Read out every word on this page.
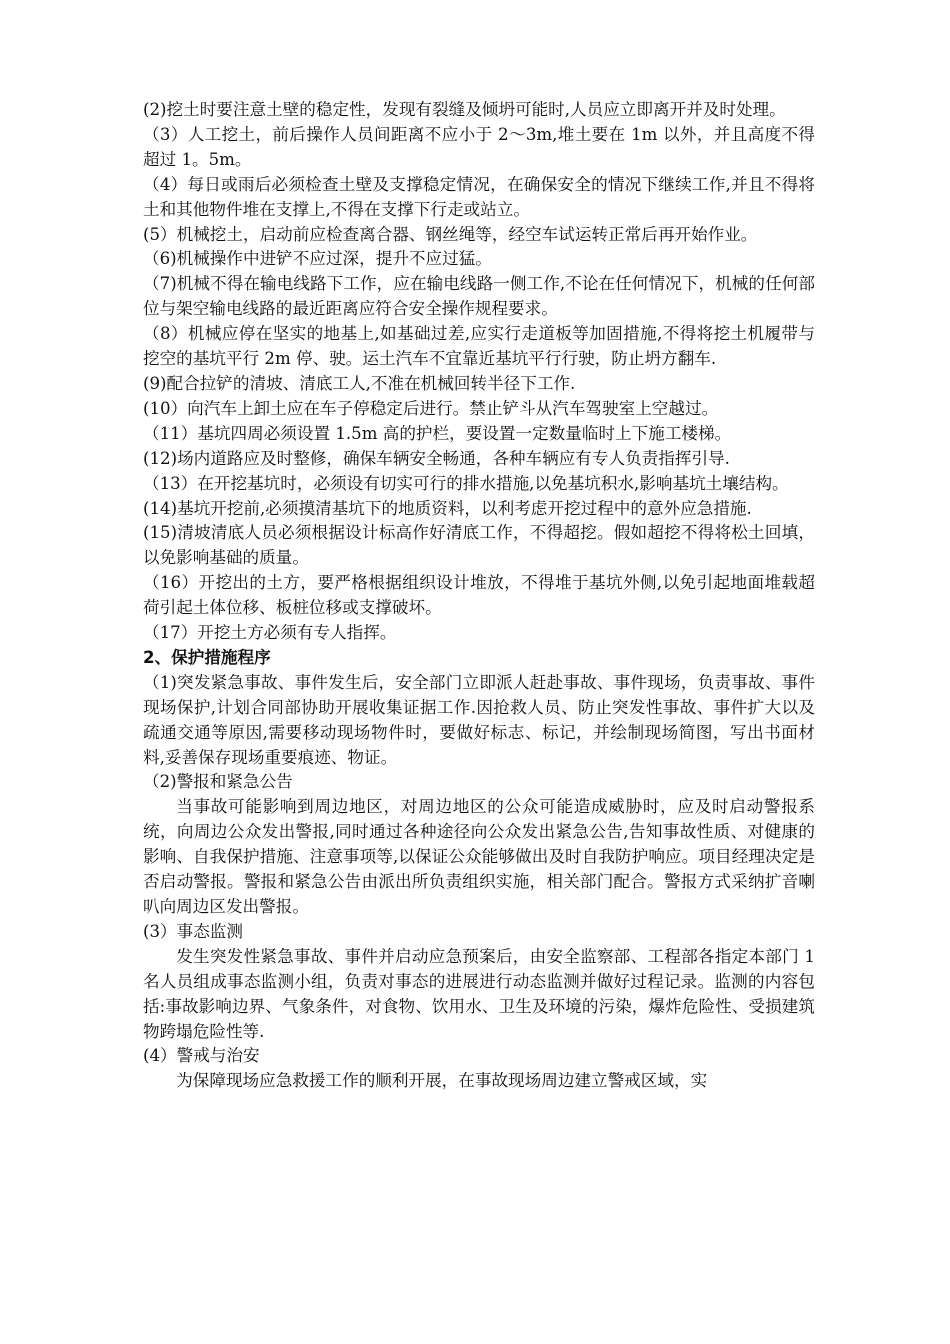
(2)挖土时要注意土壁的稳定性，发现有裂缝及倾坍可能时,人员应立即离开并及时处理。

（3）人工挖土，前后操作人员间距离不应小于 2～3m,堆土要在 1m 以外，并且高度不得超过 1。5m。

（4）每日或雨后必须检查土壁及支撑稳定情况，在确保安全的情况下继续工作,并且不得将土和其他物件堆在支撑上,不得在支撑下行走或站立。

(5）机械挖土，启动前应检查离合器、钢丝绳等，经空车试运转正常后再开始作业。

（6)机械操作中进铲不应过深，提升不应过猛。

（7)机械不得在输电线路下工作，应在输电线路一侧工作,不论在任何情况下，机械的任何部位与架空输电线路的最近距离应符合安全操作规程要求。

（8）机械应停在坚实的地基上,如基础过差,应实行走道板等加固措施,不得将挖土机履带与挖空的基坑平行 2m 停、驶。运土汽车不宜靠近基坑平行行驶，防止坍方翻车.

(9)配合拉铲的清坡、清底工人,不准在机械回转半径下工作.

(10）向汽车上卸土应在车子停稳定后进行。禁止铲斗从汽车驾驶室上空越过。

（11）基坑四周必须设置 1.5m 高的护栏，要设置一定数量临时上下施工楼梯。

(12)场内道路应及时整修，确保车辆安全畅通，各种车辆应有专人负责指挥引导.

（13）在开挖基坑时，必须设有切实可行的排水措施,以免基坑积水,影响基坑土壤结构。

(14)基坑开挖前,必须摸清基坑下的地质资料，以利考虑开挖过程中的意外应急措施.

(15)清坡清底人员必须根据设计标高作好清底工作，不得超挖。假如超挖不得将松土回填，以免影响基础的质量。

（16）开挖出的土方，要严格根据组织设计堆放，不得堆于基坑外侧,以免引起地面堆载超荷引起土体位移、板桩位移或支撑破坏。

（17）开挖土方必须有专人指挥。

2、保护措施程序

（1)突发紧急事故、事件发生后，安全部门立即派人赶赴事故、事件现场，负责事故、事件现场保护,计划合同部协助开展收集证据工作.因抢救人员、防止突发性事故、事件扩大以及疏通交通等原因,需要移动现场物件时，要做好标志、标记，并绘制现场简图，写出书面材料,妥善保存现场重要痕迹、物证。

（2)警报和紧急公告

当事故可能影响到周边地区，对周边地区的公众可能造成威胁时，应及时启动警报系统，向周边公众发出警报,同时通过各种途径向公众发出紧急公告,告知事故性质、对健康的影响、自我保护措施、注意事项等,以保证公众能够做出及时自我防护响应。项目经理决定是否启动警报。警报和紧急公告由派出所负责组织实施，相关部门配合。警报方式采纳扩音喇叭向周边区发出警报。

(3）事态监测

发生突发性紧急事故、事件并启动应急预案后，由安全监察部、工程部各指定本部门 1 名人员组成事态监测小组，负责对事态的进展进行动态监测并做好过程记录。监测的内容包括:事故影响边界、气象条件，对食物、饮用水、卫生及环境的污染，爆炸危险性、受损建筑物跨塌危险性等.

(4）警戒与治安

为保障现场应急救援工作的顺利开展，在事故现场周边建立警戒区域，实
